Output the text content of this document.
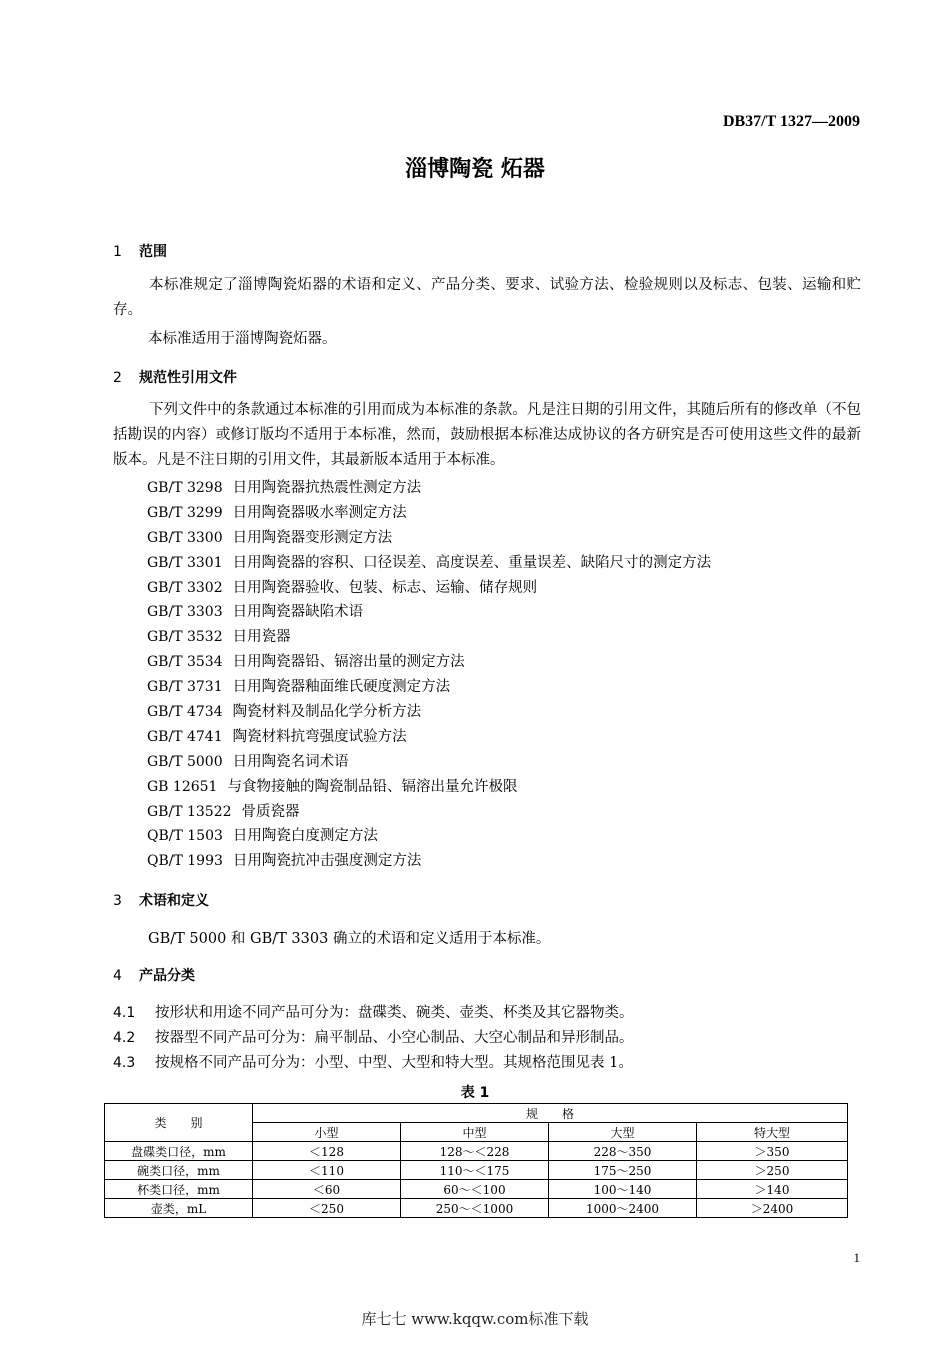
DB37/T 1327—2009
淄博陶瓷 炻器
1 范围
本标准规定了淄博陶瓷炻器的术语和定义、产品分类、要求、试验方法、检验规则以及标志、包装、运输和贮存。
本标准适用于淄博陶瓷炻器。
2 规范性引用文件
下列文件中的条款通过本标准的引用而成为本标准的条款。凡是注日期的引用文件，其随后所有的修改单（不包括勘误的内容）或修订版均不适用于本标准，然而，鼓励根据本标准达成协议的各方研究是否可使用这些文件的最新版本。凡是不注日期的引用文件，其最新版本适用于本标准。
GB/T 3298 日用陶瓷器抗热震性测定方法
GB/T 3299 日用陶瓷器吸水率测定方法
GB/T 3300 日用陶瓷器变形测定方法
GB/T 3301 日用陶瓷器的容积、口径误差、高度误差、重量误差、缺陷尺寸的测定方法
GB/T 3302 日用陶瓷器验收、包装、标志、运输、储存规则
GB/T 3303 日用陶瓷器缺陷术语
GB/T 3532 日用瓷器
GB/T 3534 日用陶瓷器铅、镉溶出量的测定方法
GB/T 3731 日用陶瓷器釉面维氏硬度测定方法
GB/T 4734 陶瓷材料及制品化学分析方法
GB/T 4741 陶瓷材料抗弯强度试验方法
GB/T 5000 日用陶瓷名词术语
GB 12651 与食物接触的陶瓷制品铅、镉溶出量允许极限
GB/T 13522 骨质瓷器
QB/T 1503 日用陶瓷白度测定方法
QB/T 1993 日用陶瓷抗冲击强度测定方法
3 术语和定义
GB/T 5000 和 GB/T 3303 确立的术语和定义适用于本标准。
4 产品分类
4.1 按形状和用途不同产品可分为：盘碟类、碗类、壶类、杯类及其它器物类。
4.2 按器型不同产品可分为：扁平制品、小空心制品、大空心制品和异形制品。
4.3 按规格不同产品可分为：小型、中型、大型和特大型。其规格范围见表 1。
表 1
类　　别	规　　格			
	小型	中型	大型	特大型
盘碟类口径，mm	＜128	128～＜228	228～350	＞350
碗类口径，mm	＜110	110～＜175	175～250	＞250
杯类口径，mm	＜60	60～＜100	100～140	＞140
壶类，mL	＜250	250～＜1000	1000～2400	＞2400
1
库七七 www.kqqw.com标准下载
